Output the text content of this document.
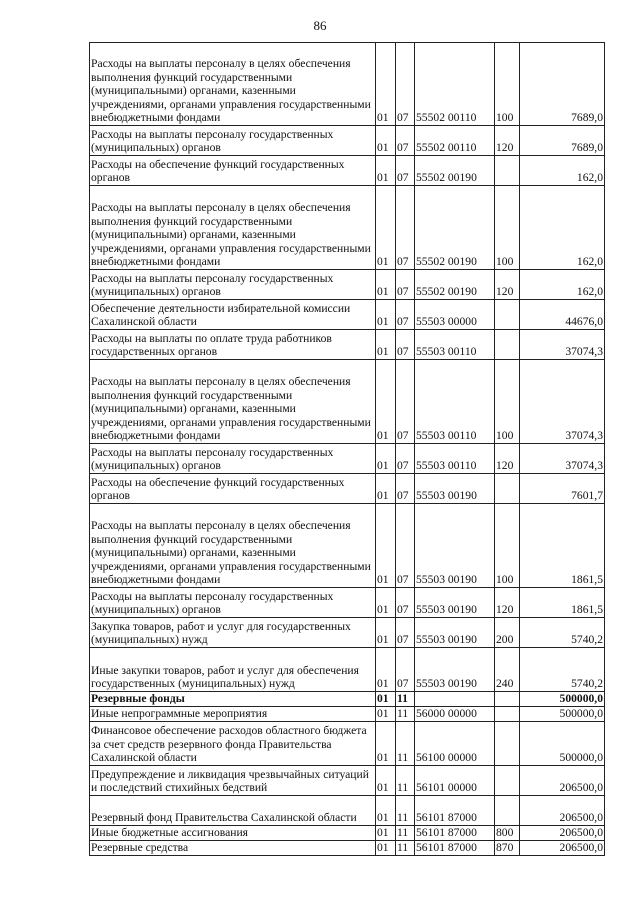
86
Расходы на выплаты персоналу в целях обеспечения выполнения функций государственными (муниципальными) органами, казенными учреждениями, органами управления государственными внебюджетными фондами	01	07	55502 00110	100	7689,0

Расходы на выплаты персоналу государственных (муниципальных) органов	01	07	55502 00110	120	7689,0

Расходы на обеспечение функций государственных органов	01	07	55502 00190		162,0

Расходы на выплаты персоналу в целях обеспечения выполнения функций государственными (муниципальными) органами, казенными учреждениями, органами управления государственными внебюджетными фондами	01	07	55502 00190	100	162,0

Расходы на выплаты персоналу государственных (муниципальных) органов	01	07	55502 00190	120	162,0

Обеспечение деятельности избирательной комиссии Сахалинской области	01	07	55503 00000		44676,0

Расходы на выплаты по оплате труда работников государственных органов	01	07	55503 00110		37074,3

Расходы на выплаты персоналу в целях обеспечения выполнения функций государственными (муниципальными) органами, казенными учреждениями, органами управления государственными внебюджетными фондами	01	07	55503 00110	100	37074,3

Расходы на выплаты персоналу государственных (муниципальных) органов	01	07	55503 00110	120	37074,3

Расходы на обеспечение функций государственных органов	01	07	55503 00190		7601,7

Расходы на выплаты персоналу в целях обеспечения выполнения функций государственными (муниципальными) органами, казенными учреждениями, органами управления государственными внебюджетными фондами	01	07	55503 00190	100	1861,5

Расходы на выплаты персоналу государственных (муниципальных) органов	01	07	55503 00190	120	1861,5

Закупка товаров, работ и услуг для государственных (муниципальных) нужд	01	07	55503 00190	200	5740,2

Иные закупки товаров, работ и услуг для обеспечения государственных (муниципальных) нужд	01	07	55503 00190	240	5740,2

Резервные фонды	01	11			500000,0

Иные непрограммные мероприятия	01	11	56000 00000		500000,0

Финансовое обеспечение расходов областного бюджета за счет средств резервного фонда Правительства Сахалинской области	01	11	56100 00000		500000,0

Предупреждение и ликвидация чрезвычайных ситуаций и последствий стихийных бедствий	01	11	56101 00000		206500,0

Резервный фонд Правительства Сахалинской области	01	11	56101 87000		206500,0

Иные бюджетные ассигнования	01	11	56101 87000	800	206500,0

Резервные средства	01	11	56101 87000	870	206500,0
